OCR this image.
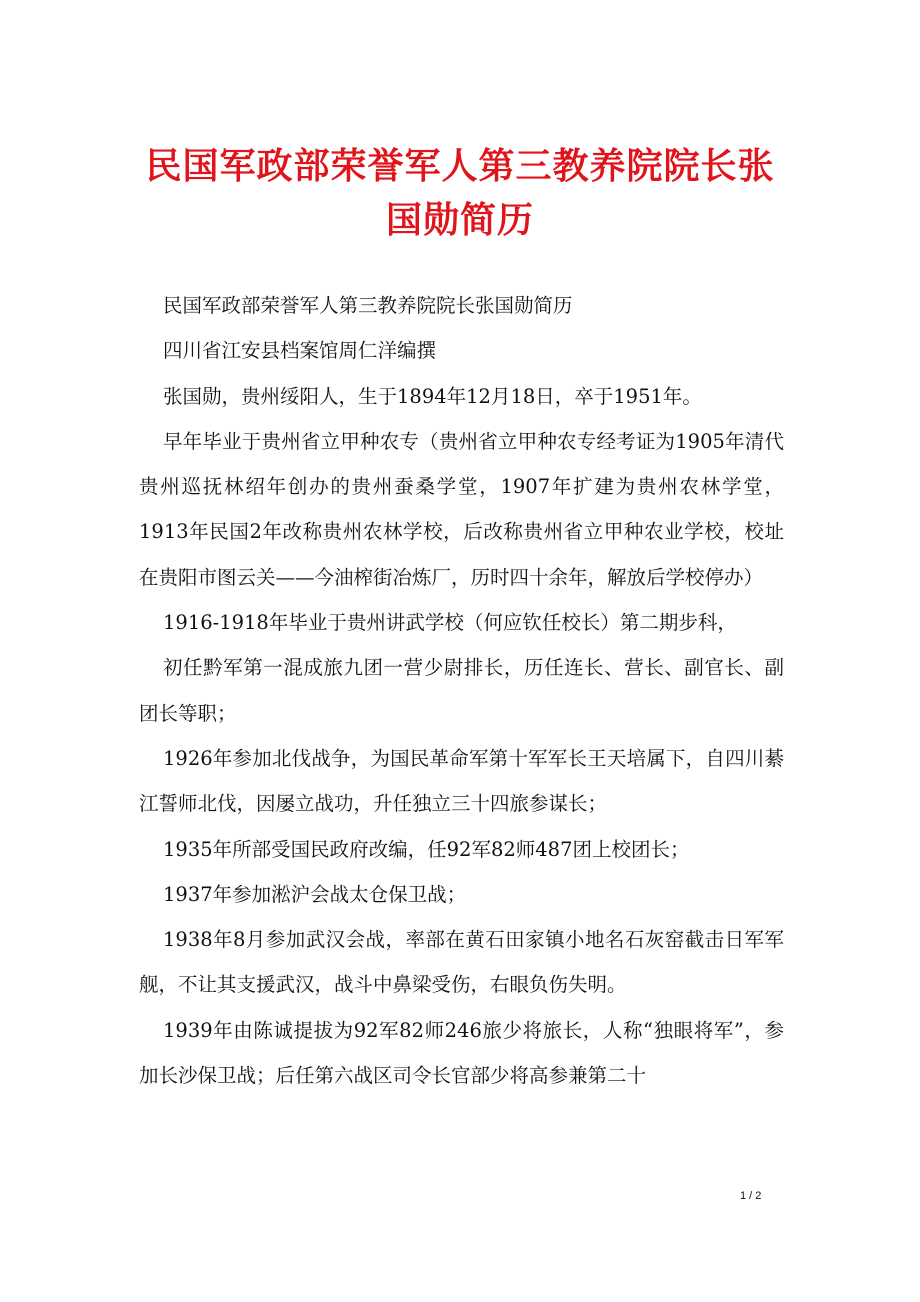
民国军政部荣誉军人第三教养院院长张国勋简历

民国军政部荣誉军人第三教养院院长张国勋简历

四川省江安县档案馆周仁洋编撰

张国勋，贵州绥阳人，生于1894年12月18日，卒于1951年。

早年毕业于贵州省立甲种农专（贵州省立甲种农专经考证为1905年清代贵州巡抚林绍年创办的贵州蚕桑学堂，1907年扩建为贵州农林学堂，1913年民国2年改称贵州农林学校，后改称贵州省立甲种农业学校，校址在贵阳市图云关——今油榨街冶炼厂，历时四十余年，解放后学校停办）

1916-1918年毕业于贵州讲武学校（何应钦任校长）第二期步科，

初任黔军第一混成旅九团一营少尉排长，历任连长、营长、副官长、副团长等职；

1926年参加北伐战争，为国民革命军第十军军长王天培属下，自四川綦江誓师北伐，因屡立战功，升任独立三十四旅参谋长；

1935年所部受国民政府改编，任92军82师487团上校团长；

1937年参加淞沪会战太仓保卫战；

1938年8月参加武汉会战，率部在黄石田家镇小地名石灰窑截击日军军舰，不让其支援武汉，战斗中鼻梁受伤，右眼负伤失明。

1939年由陈诚提拔为92军82师246旅少将旅长，人称“独眼将军”，参加长沙保卫战；后任第六战区司令长官部少将高参兼第二十

1 / 2
